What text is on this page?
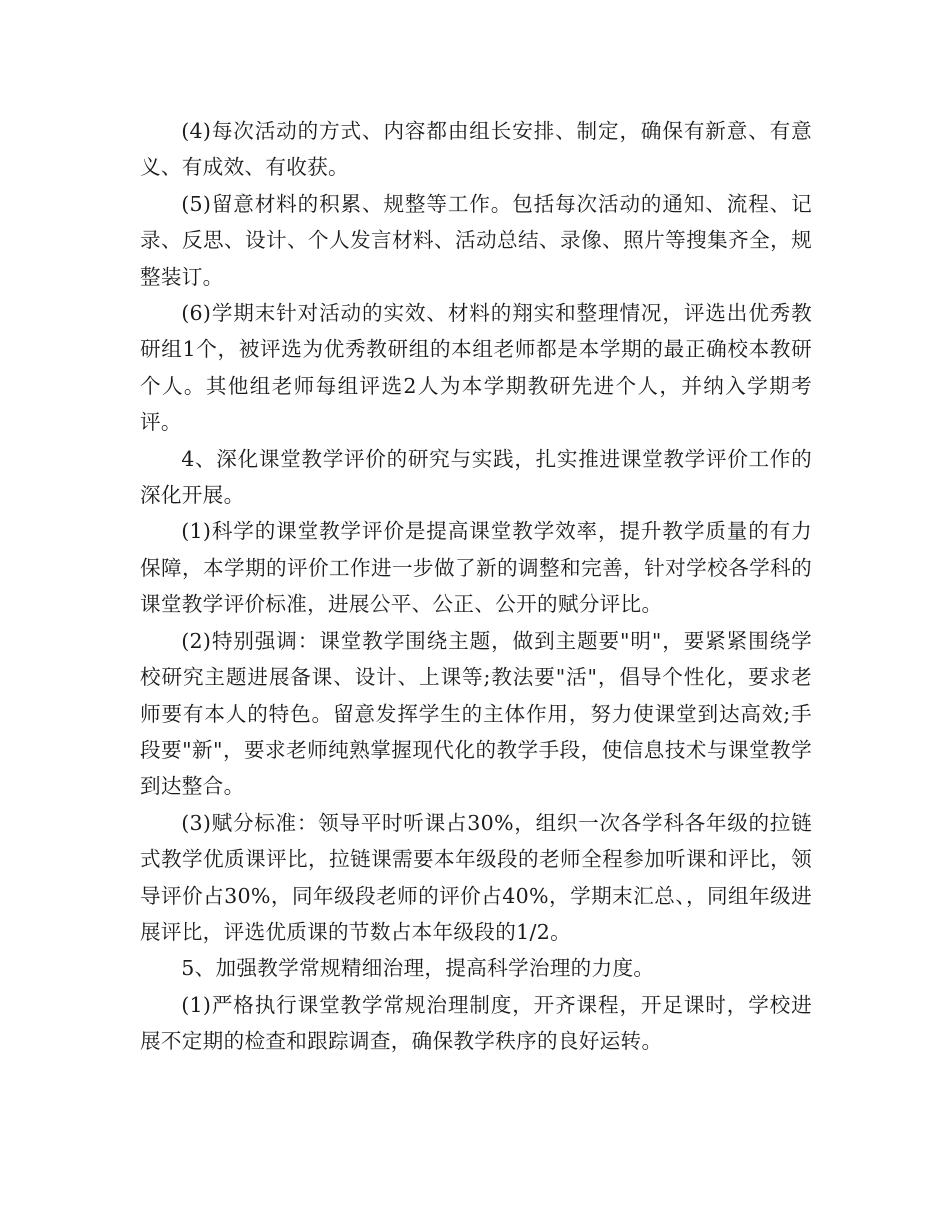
(4)每次活动的方式、内容都由组长安排、制定，确保有新意、有意义、有成效、有收获。

(5)留意材料的积累、规整等工作。包括每次活动的通知、流程、记录、反思、设计、个人发言材料、活动总结、录像、照片等搜集齐全，规整装订。

(6)学期末针对活动的实效、材料的翔实和整理情况，评选出优秀教研组1个，被评选为优秀教研组的本组老师都是本学期的最正确校本教研个人。其他组老师每组评选2人为本学期教研先进个人，并纳入学期考评。

4、深化课堂教学评价的研究与实践，扎实推进课堂教学评价工作的深化开展。

(1)科学的课堂教学评价是提高课堂教学效率，提升教学质量的有力保障，本学期的评价工作进一步做了新的调整和完善，针对学校各学科的课堂教学评价标准，进展公平、公正、公开的赋分评比。

(2)特别强调：课堂教学围绕主题，做到主题要"明"，要紧紧围绕学校研究主题进展备课、设计、上课等;教法要"活"，倡导个性化，要求老师要有本人的特色。留意发挥学生的主体作用，努力使课堂到达高效;手段要"新"，要求老师纯熟掌握现代化的教学手段，使信息技术与课堂教学到达整合。

(3)赋分标准：领导平时听课占30%，组织一次各学科各年级的拉链式教学优质课评比，拉链课需要本年级段的老师全程参加听课和评比，领导评价占30%，同年级段老师的评价占40%，学期末汇总、，同组年级进展评比，评选优质课的节数占本年级段的1/2。

5、加强教学常规精细治理，提高科学治理的力度。

(1)严格执行课堂教学常规治理制度，开齐课程，开足课时，学校进展不定期的检查和跟踪调查，确保教学秩序的良好运转。
